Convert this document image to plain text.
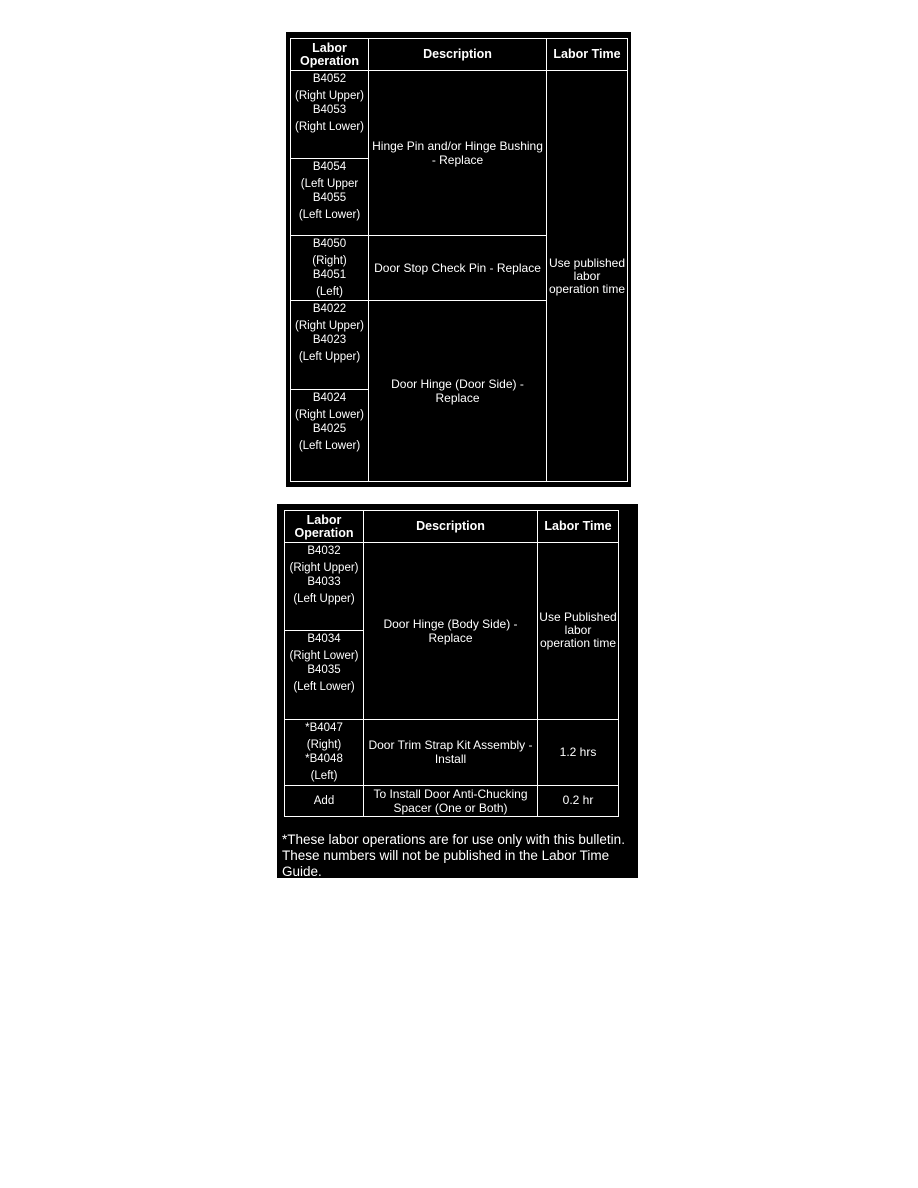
Labor Operation	Description	Labor Time

B4052
(Right Upper)
B4053
(Right Lower)	Hinge Pin and/or Hinge Bushing - Replace	Use published labor operation time

B4054
(Left Upper
B4055
(Left Lower)		

B4050
(Right)
B4051
(Left)	Door Stop Check Pin - Replace	

B4022
(Right Upper)
B4023
(Left Upper)	Door Hinge (Door Side) - Replace	

B4024
(Right Lower)
B4025
(Left Lower)		
Labor Operation	Description	Labor Time

B4032
(Right Upper)
B4033
(Left Upper)	Door Hinge (Body Side) - Replace	Use Published labor operation time

B4034
(Right Lower)
B4035
(Left Lower)		

*B4047
(Right)
*B4048
(Left)	Door Trim Strap Kit Assembly - Install	1.2 hrs
Add	To Install Door Anti-Chucking Spacer (One or Both)	0.2 hr
*These labor operations are for use only with this bulletin. These numbers will not be published in the Labor Time Guide.
